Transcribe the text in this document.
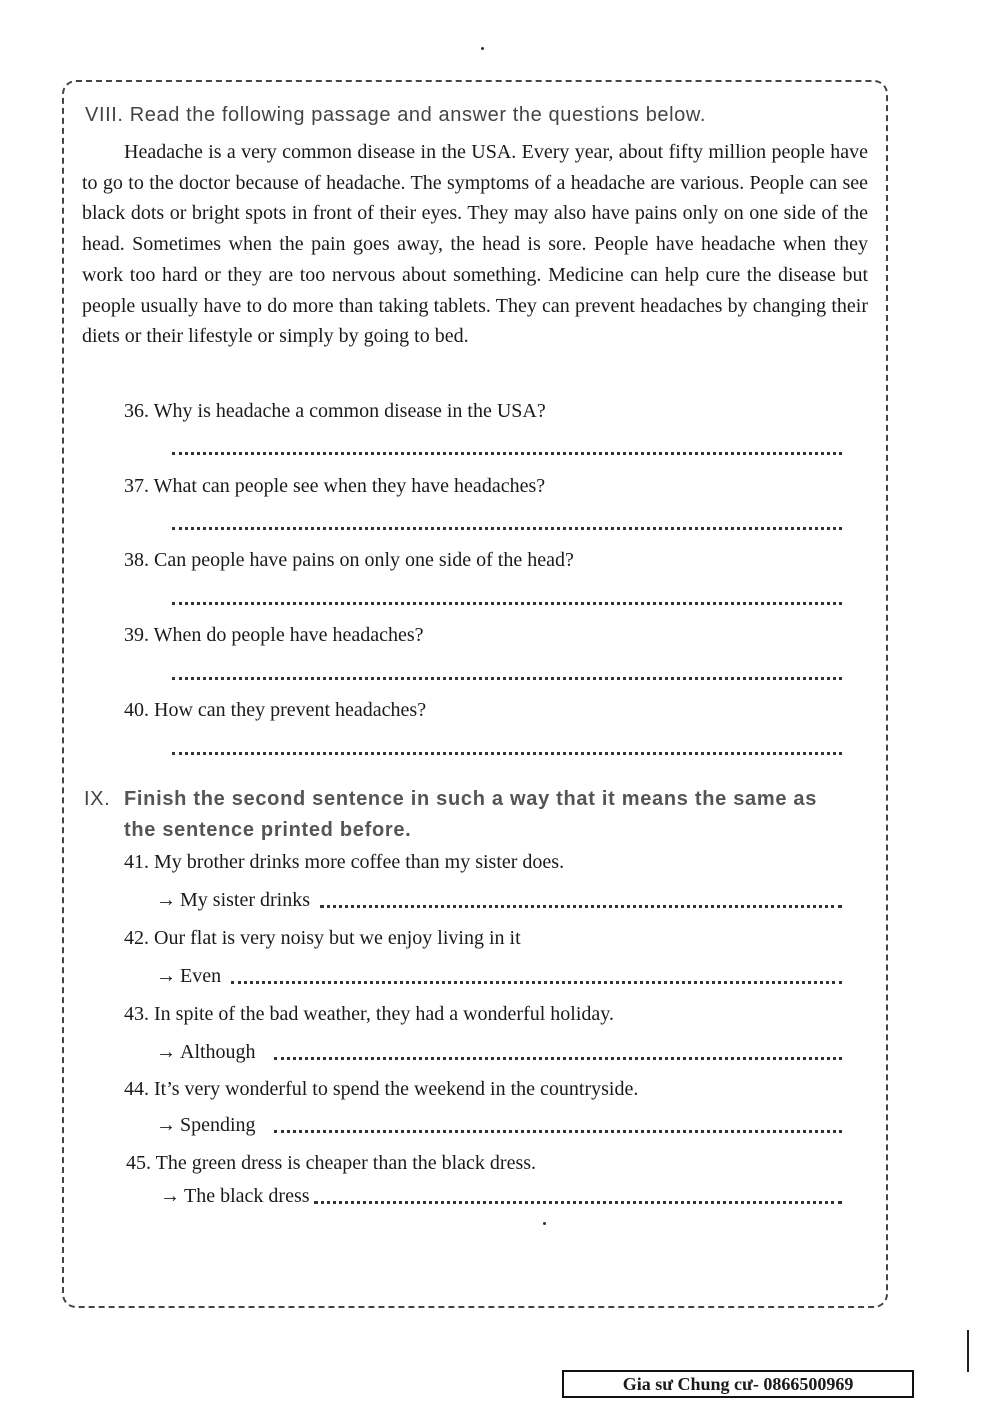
VIII. Read the following passage and answer the questions below.

Headache is a very common disease in the USA. Every year, about fifty million people have to go to the doctor because of headache. The symptoms of a headache are various. People can see black dots or bright spots in front of their eyes. They may also have pains only on one side of the head. Sometimes when the pain goes away, the head is sore. People have headache when they work too hard or they are too nervous about something. Medicine can help cure the disease but people usually have to do more than taking tablets. They can prevent headaches by changing their diets or their lifestyle or simply by going to bed.

36. Why is headache a common disease in the USA?

37. What can people see when they have headaches?

38. Can people have pains on only one side of the head?

39. When do people have headaches?

40. How can they prevent headaches?

IX. Finish the second sentence in such a way that it means the same as
the sentence printed before.

41. My brother drinks more coffee than my sister does.

→ My sister drinks

42. Our flat is very noisy but we enjoy living in it

→ Even

43. In spite of the bad weather, they had a wonderful holiday.

→ Although

44. It’s very wonderful to spend the weekend in the countryside.

→ Spending

45. The green dress is cheaper than the black dress.

→ The black dress
Gia sư Chung cư- 0866500969
